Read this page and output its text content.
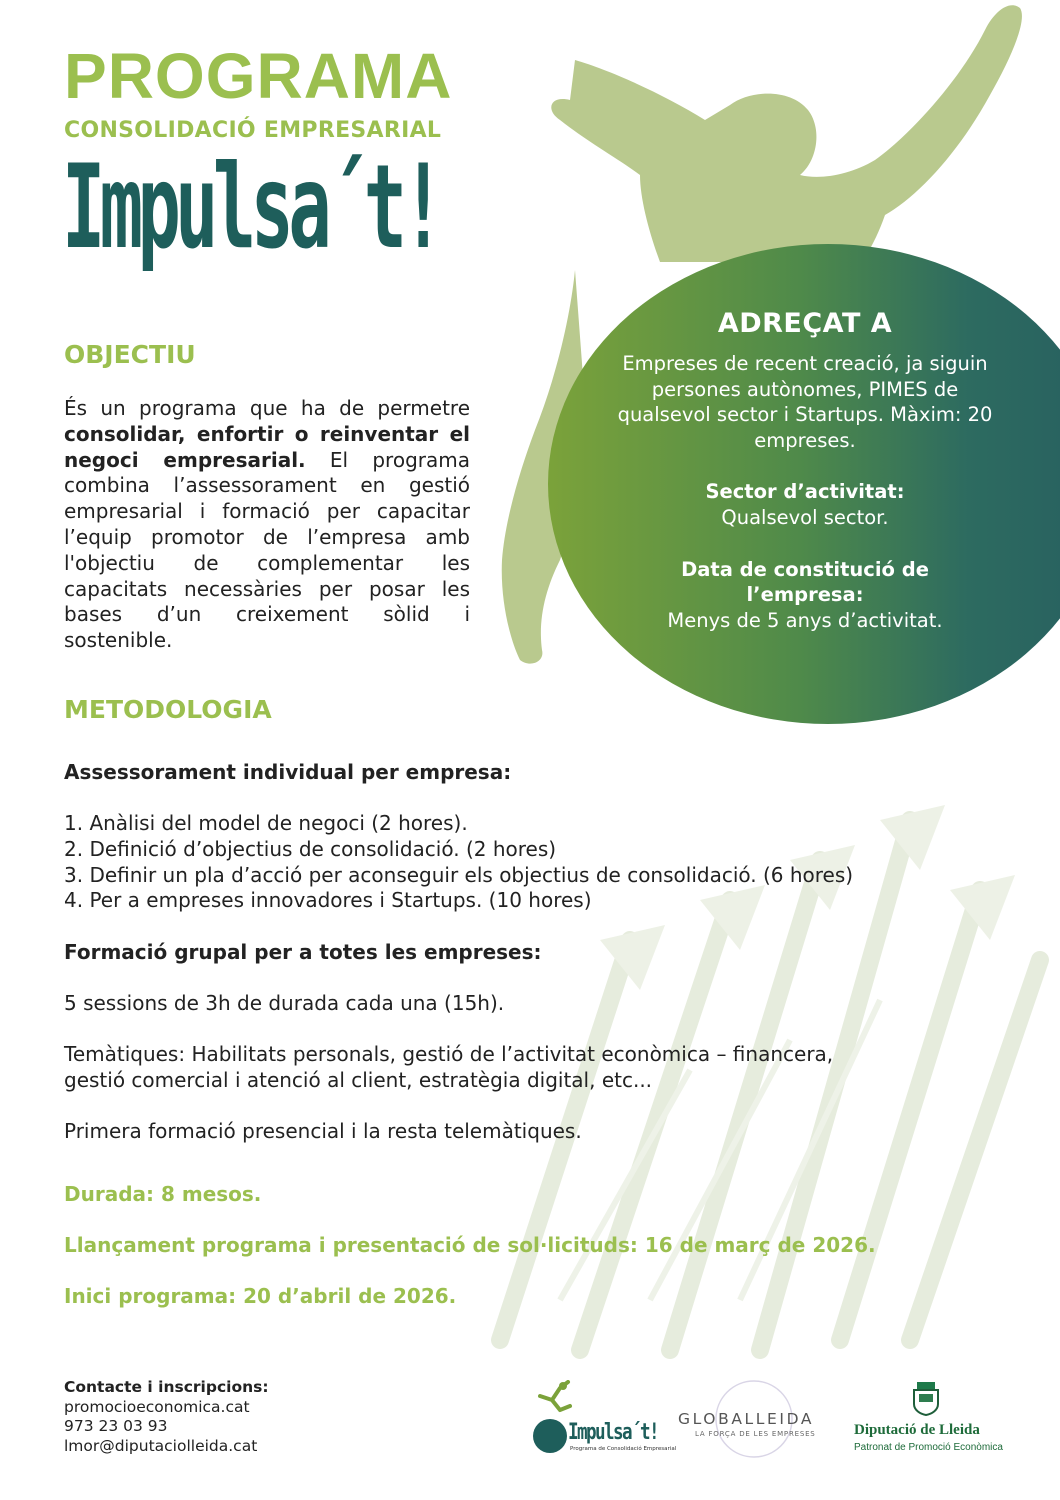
ADREÇAT A
Empreses de recent creació, ja siguin persones autònomes, PIMES de qualsevol sector i Startups. Màxim: 20 empreses.
Sector d’activitat:
Qualsevol sector.
Data de constitució de l’empresa:
Menys de 5 anys d’activitat.
PROGRAMA
CONSOLIDACIÓ EMPRESARIAL
Impulsa´t!
OBJECTIU
És un programa que ha de permetre consolidar, enfortir o reinventar el negoci empresarial. El programa combina l’assessorament en gestió empresarial i formació per capacitar l’equip promotor de l’empresa amb l'objectiu de complementar les capacitats necessàries per posar les bases d’un creixement sòlid i sostenible.
METODOLOGIA
Assessorament individual per empresa:
1. Anàlisi del model de negoci (2 hores).
2. Definició d’objectius de consolidació. (2 hores)
3. Definir un pla d’acció per aconseguir els objectius de consolidació. (6 hores)
4. Per a empreses innovadores i Startups. (10 hores)
Formació grupal per a totes les empreses:
5 sessions de 3h de durada cada una (15h).
Temàtiques: Habilitats personals, gestió de l’activitat econòmica – financera,
gestió comercial i atenció al client, estratègia digital, etc...
Primera formació presencial i la resta telemàtiques.
Durada: 8 mesos.
Llançament programa i presentació de sol·licituds: 16 de març de 2026.
Inici programa: 20 d’abril de 2026.
Contacte i inscripcions:
promocioeconomica.cat
973 23 03 93
lmor@diputaciolleida.cat
Impulsa´t!
Programa de Consolidació Empresarial
GLOBALLEIDA
LA FORÇA DE LES EMPRESES	Diputació de Lleida
Patronat de Promoció Econòmica
